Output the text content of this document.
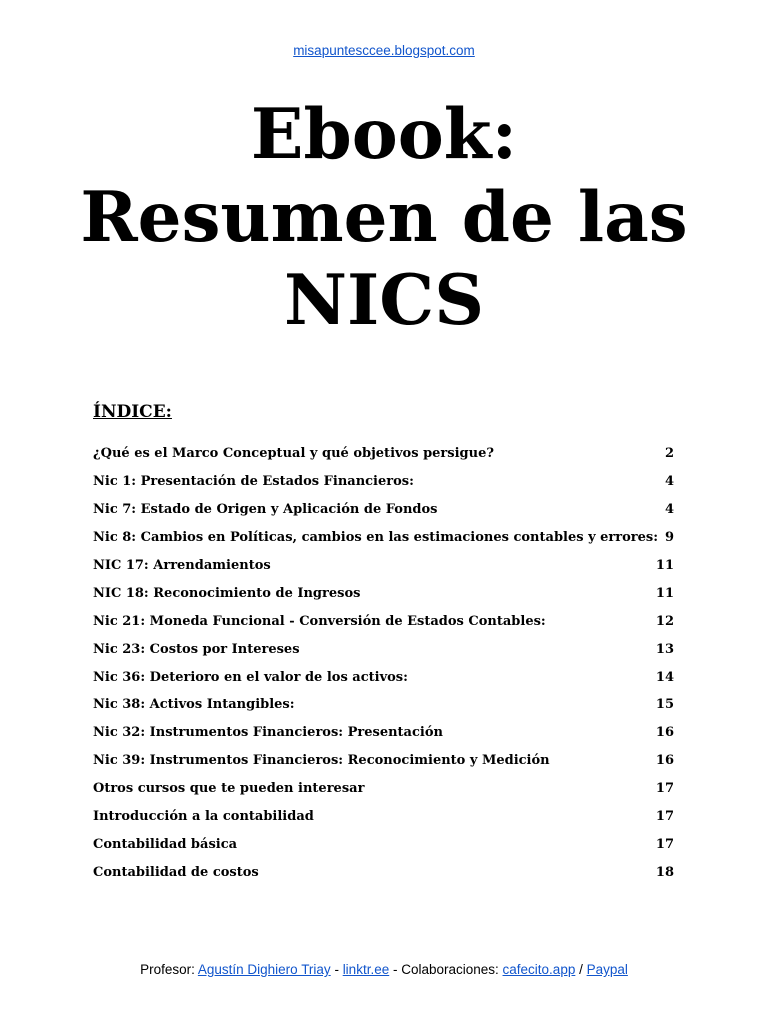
misapuntesccee.blogspot.com
Ebook:
Resumen de las
NICS
ÍNDICE:
¿Qué es el Marco Conceptual y qué objetivos persigue?	2
Nic 1: Presentación de Estados Financieros:	4
Nic 7: Estado de Origen y Aplicación de Fondos	4
Nic 8: Cambios en Políticas, cambios en las estimaciones contables y errores: 9
NIC 17: Arrendamientos	11
NIC 18: Reconocimiento de Ingresos	11
Nic 21: Moneda Funcional - Conversión de Estados Contables:	12
Nic 23: Costos por Intereses	13
Nic 36: Deterioro en el valor de los activos:	14
Nic 38: Activos Intangibles:	15
Nic 32: Instrumentos Financieros: Presentación	16
Nic 39: Instrumentos Financieros: Reconocimiento y Medición	16
Otros cursos que te pueden interesar	17
Introducción a la contabilidad	17
Contabilidad básica	17
Contabilidad de costos	18
Profesor: Agustín Dighiero Triay - linktr.ee - Colaboraciones: cafecito.app / Paypal
